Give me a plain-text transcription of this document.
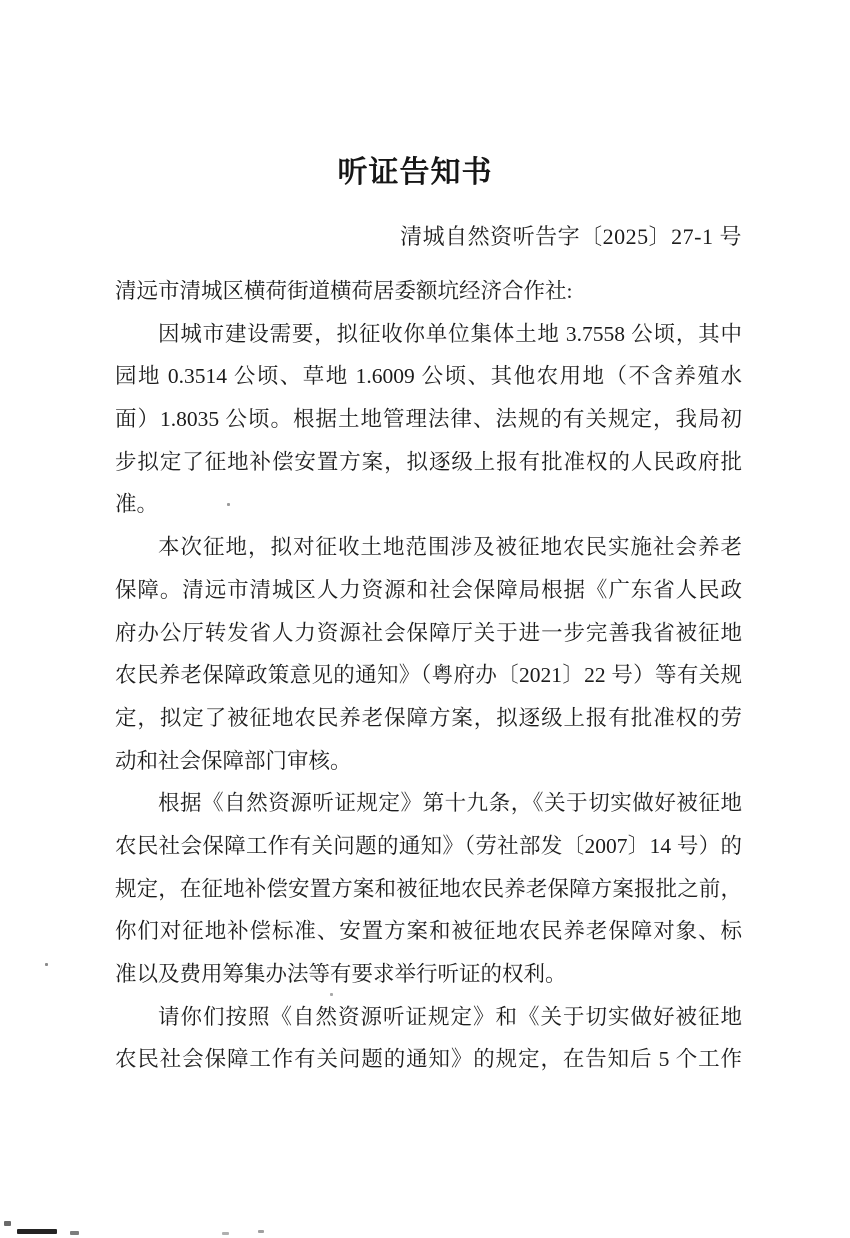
听证告知书
清城自然资听告字〔2025〕27-1 号
清远市清城区横荷街道横荷居委额坑经济合作社:
因城市建设需要，拟征收你单位集体土地 3.7558 公顷，其中
园地 0.3514 公顷、草地 1.6009 公顷、其他农用地（不含养殖水
面）1.8035 公顷。根据土地管理法律、法规的有关规定，我局初
步拟定了征地补偿安置方案，拟逐级上报有批准权的人民政府批
准。
本次征地，拟对征收土地范围涉及被征地农民实施社会养老
保障。清远市清城区人力资源和社会保障局根据《广东省人民政
府办公厅转发省人力资源社会保障厅关于进一步完善我省被征地
农民养老保障政策意见的通知》（粤府办〔2021〕22 号）等有关规
定，拟定了被征地农民养老保障方案，拟逐级上报有批准权的劳
动和社会保障部门审核。
根据《自然资源听证规定》第十九条，《关于切实做好被征地
农民社会保障工作有关问题的通知》（劳社部发〔2007〕14 号）的
规定，在征地补偿安置方案和被征地农民养老保障方案报批之前，
你们对征地补偿标准、安置方案和被征地农民养老保障对象、标
准以及费用筹集办法等有要求举行听证的权利。
请你们按照《自然资源听证规定》和《关于切实做好被征地
农民社会保障工作有关问题的通知》的规定，在告知后 5 个工作
